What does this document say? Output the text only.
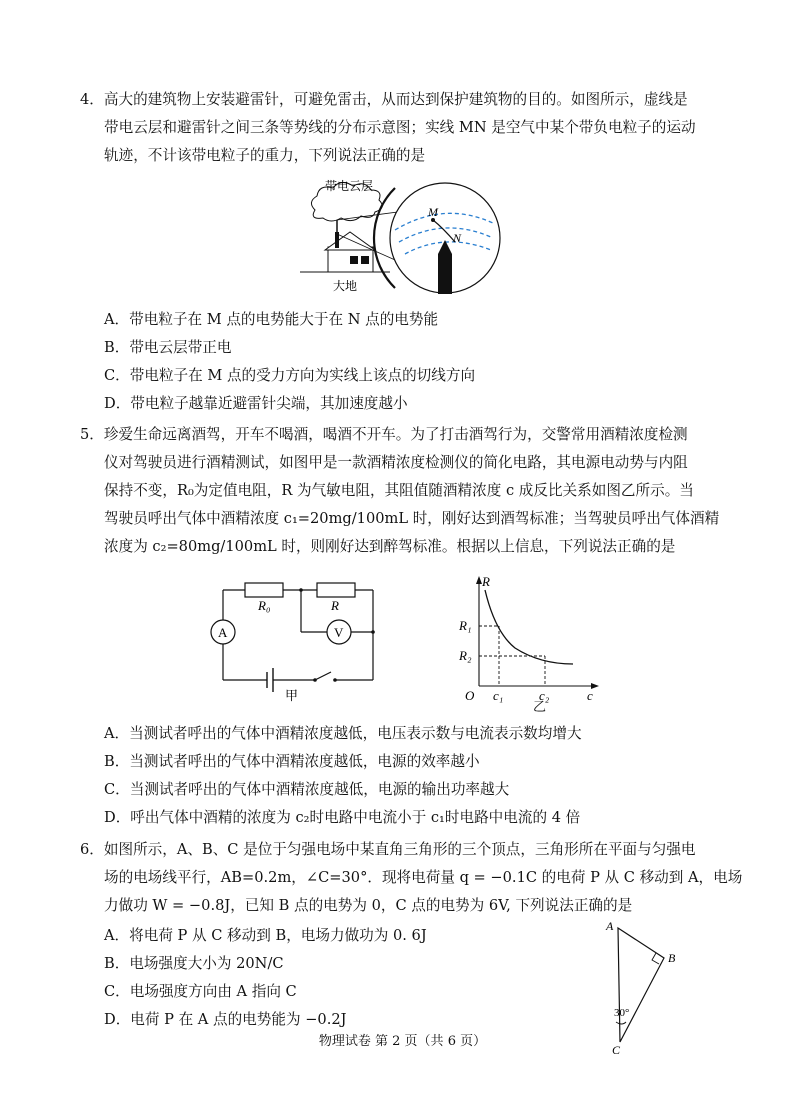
4．高大的建筑物上安装避雷针，可避免雷击，从而达到保护建筑物的目的。如图所示，虚线是
带电云层和避雷针之间三条等势线的分布示意图；实线 MN 是空气中某个带负电粒子的运动
轨迹，不计该带电粒子的重力，下列说法正确的是
带电云层
大地
M
N
A．带电粒子在 M 点的电势能大于在 N 点的电势能
B．带电云层带正电
C．带电粒子在 M 点的受力方向为实线上该点的切线方向
D．带电粒子越靠近避雷针尖端，其加速度越小
5．珍爱生命远离酒驾，开车不喝酒，喝酒不开车。为了打击酒驾行为，交警常用酒精浓度检测
仪对驾驶员进行酒精测试，如图甲是一款酒精浓度检测仪的简化电路，其电源电动势与内阻
保持不变，R₀为定值电阻，R 为气敏电阻，其阻值随酒精浓度 c 成反比关系如图乙所示。当
驾驶员呼出气体中酒精浓度 c₁=20mg/100mL 时，刚好达到酒驾标准；当驾驶员呼出气体酒精
浓度为 c₂=80mg/100mL 时，则刚好达到醉驾标准。根据以上信息，下列说法正确的是
R₀	R
A	V
甲
R
c
O
R₁
R₂
c₁	c₂
乙
A．当测试者呼出的气体中酒精浓度越低，电压表示数与电流表示数均增大
B．当测试者呼出的气体中酒精浓度越低，电源的效率越小
C．当测试者呼出的气体中酒精浓度越低，电源的输出功率越大
D．呼出气体中酒精的浓度为 c₂时电路中电流小于 c₁时电路中电流的 4 倍
6．如图所示，A、B、C 是位于匀强电场中某直角三角形的三个顶点，三角形所在平面与匀强电
场的电场线平行，AB=0.2m，∠C=30°．现将电荷量 q = −0.1C 的电荷 P 从 C 移动到 A，电场
力做功 W = −0.8J，已知 B 点的电势为 0，C 点的电势为 6V, 下列说法正确的是
A．将电荷 P 从 C 移动到 B，电场力做功为 0. 6J
B．电场强度大小为 20N/C
C．电场强度方向由 A 指向 C
D．电荷 P 在 A 点的电势能为 −0.2J
A
B
C
30°
物理试卷 第 2 页（共 6 页）
